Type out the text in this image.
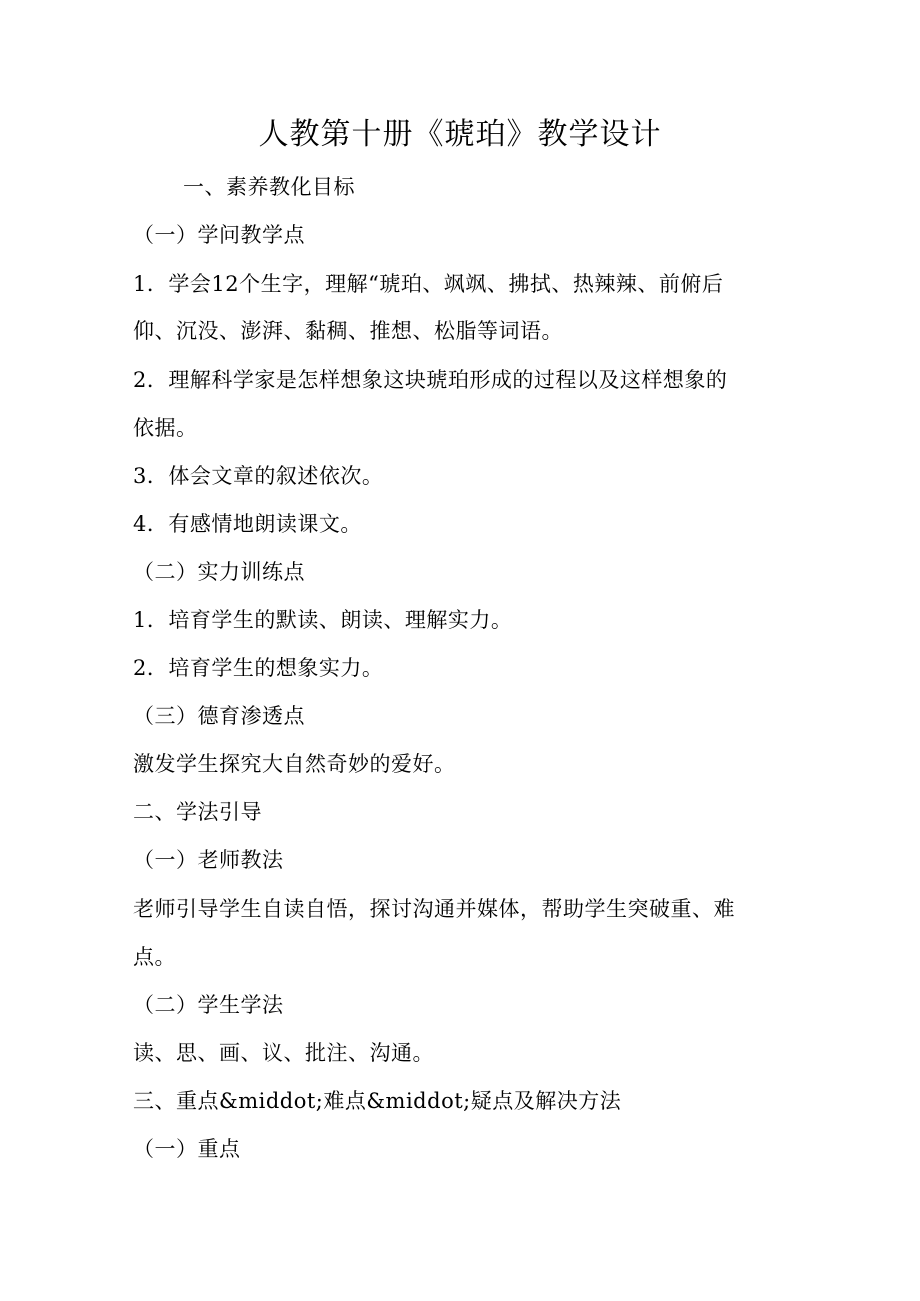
人教第十册《琥珀》教学设计
一、素养教化目标
（一）学问教学点
1．学会12个生字，理解“琥珀、飒飒、拂拭、热辣辣、前俯后
仰、沉没、澎湃、黏稠、推想、松脂等词语。
2．理解科学家是怎样想象这块琥珀形成的过程以及这样想象的
依据。
3．体会文章的叙述依次。
4．有感情地朗读课文。
（二）实力训练点
1．培育学生的默读、朗读、理解实力。
2．培育学生的想象实力。
（三）德育渗透点
激发学生探究大自然奇妙的爱好。
二、学法引导
（一）老师教法
老师引导学生自读自悟，探讨沟通并媒体，帮助学生突破重、难
点。
（二）学生学法
读、思、画、议、批注、沟通。
三、重点&middot;难点&middot;疑点及解决方法
（一）重点
